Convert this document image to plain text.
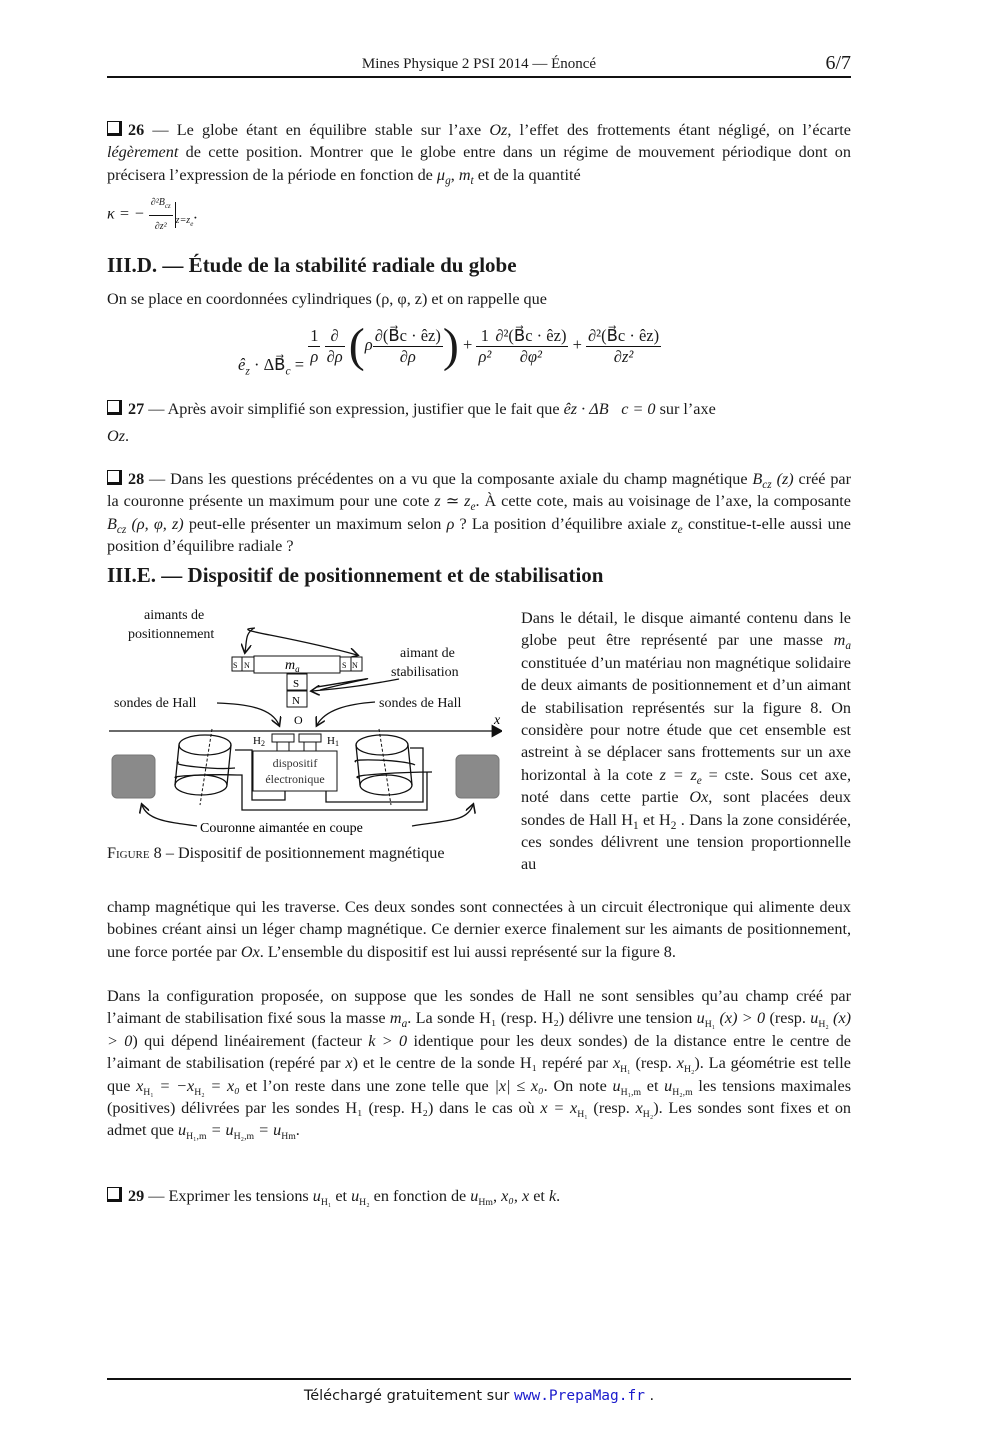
Mines Physique 2 PSI 2014 — Énoncé	6/7
26 — Le globe étant en équilibre stable sur l’axe Oz, l’effet des frottements étant négligé, on l’écarte légèrement de cette position. Montrer que le globe entre dans un régime de mouvement périodique dont on précisera l’expression de la période en fonction de $\mu_g$, $m_t$ et de la quantité
κ = − $\frac{\partial^2B_{cz}}{\text{∂z²}} _{z=z_e}$.
III.D. — Étude de la stabilité radiale du globe
On se place en coordonnées cylindriques (ρ, φ, z) et on rappelle que
$ê_z$ · $\Delta B⃗_c = \frac{1}{\rho}$
$\frac{\partial}{\partial\rho} (\rho \frac{\partial(B⃗c \cdot êz)}{\partial\rho}$ ) + $\frac{1}{\text{ρ²}} \frac{\text{∂²(B⃗c · êz)}}{\text{∂φ²}} + \frac{\text{∂²(B⃗c · êz)}}{\text{∂z²}}$
27 — Après avoir simplifié son expression, justifier que le fait que êz · ΔB⃗c = 0 sur l’axe
Oz.
28 — Dans les questions précédentes on a vu que la composante axiale du champ magnétique $B_{cz}$ (z) créé par la couronne présente un maximum pour une cote z ≃ $z_e$. À cette cote, mais au voisinage de l’axe, la composante $B_{cz}$ (ρ, φ, z) peut-elle présenter un maximum selon ρ ? La position d’équilibre axiale $z_e$ constitue-t-elle aussi une position d’équilibre radiale ?
III.E. — Dispositif de positionnement et de stabilisation
aimants de
positionnement
aimant de
stabilisation
sondes de Hall	sondes de Hall
S N	$m_a$	S N
S
N
O	x
H2	H1
dispositif
électronique
Couronne aimantée en coupe
Figure 8 – Dispositif de positionnement magnétique
Dans le détail, le disque aimanté contenu dans le globe peut être représenté par une masse $m_a$ constituée d’un matériau non magnétique solidaire de deux aimants de positionnement et d’un aimant de stabilisation représentés sur la figure 8. On considère pour notre étude que cet ensemble est astreint à se déplacer sans frottements sur un axe horizontal à la cote $z = z_e$ = cste. Sous cet axe, noté dans cette partie Ox, sont placées deux sondes de Hall $H_1$ et $H_2$ . Dans la zone considérée, ces sondes délivrent une tension proportionnelle au
champ magnétique qui les traverse. Ces deux sondes sont connectées à un circuit électronique qui alimente deux bobines créant ainsi un léger champ magnétique. Ce dernier exerce finalement sur les aimants de positionnement, une force portée par Ox. L’ensemble du dispositif est lui aussi représenté sur la figure 8.
Dans la configuration proposée, on suppose que les sondes de Hall ne sont sensibles qu’au champ créé par l’aimant de stabilisation fixé sous la masse $m_a$. La sonde H₁ (resp. H₂) délivre une tension $u_{H_1}$ (x) > 0 (resp. $u_{H_2}$ (x) > 0) qui dépend linéairement (facteur k > 0 identique pour les deux sondes) de la distance entre le centre de l’aimant de stabilisation (repéré par x) et le centre de la sonde H₁ repéré par $x_{H_1}$ (resp. $x_{H_2}$). La géométrie est telle que $x_{H_1} = -x_{H_2} = x_0$ et l’on reste dans une zone telle que |x| ≤ x₀. On note $u_{H_1,m}$ et $u_{H_2,m}$ les tensions maximales (positives) délivrées par les sondes H₁ (resp. H₂) dans le cas où $x = x_{H_1}$ (resp. $x_{H_2}$). Les sondes sont fixes et on admet que $u_{H_1,m} = u_{H_2,m} = u_{Hm}$.
29 — Exprimer les tensions $u_{H_1}$ et $u_{H_2}$ en fonction de $u_{Hm}$, x₀, x et k.
Téléchargé gratuitement sur www.PrepaMag.fr .
